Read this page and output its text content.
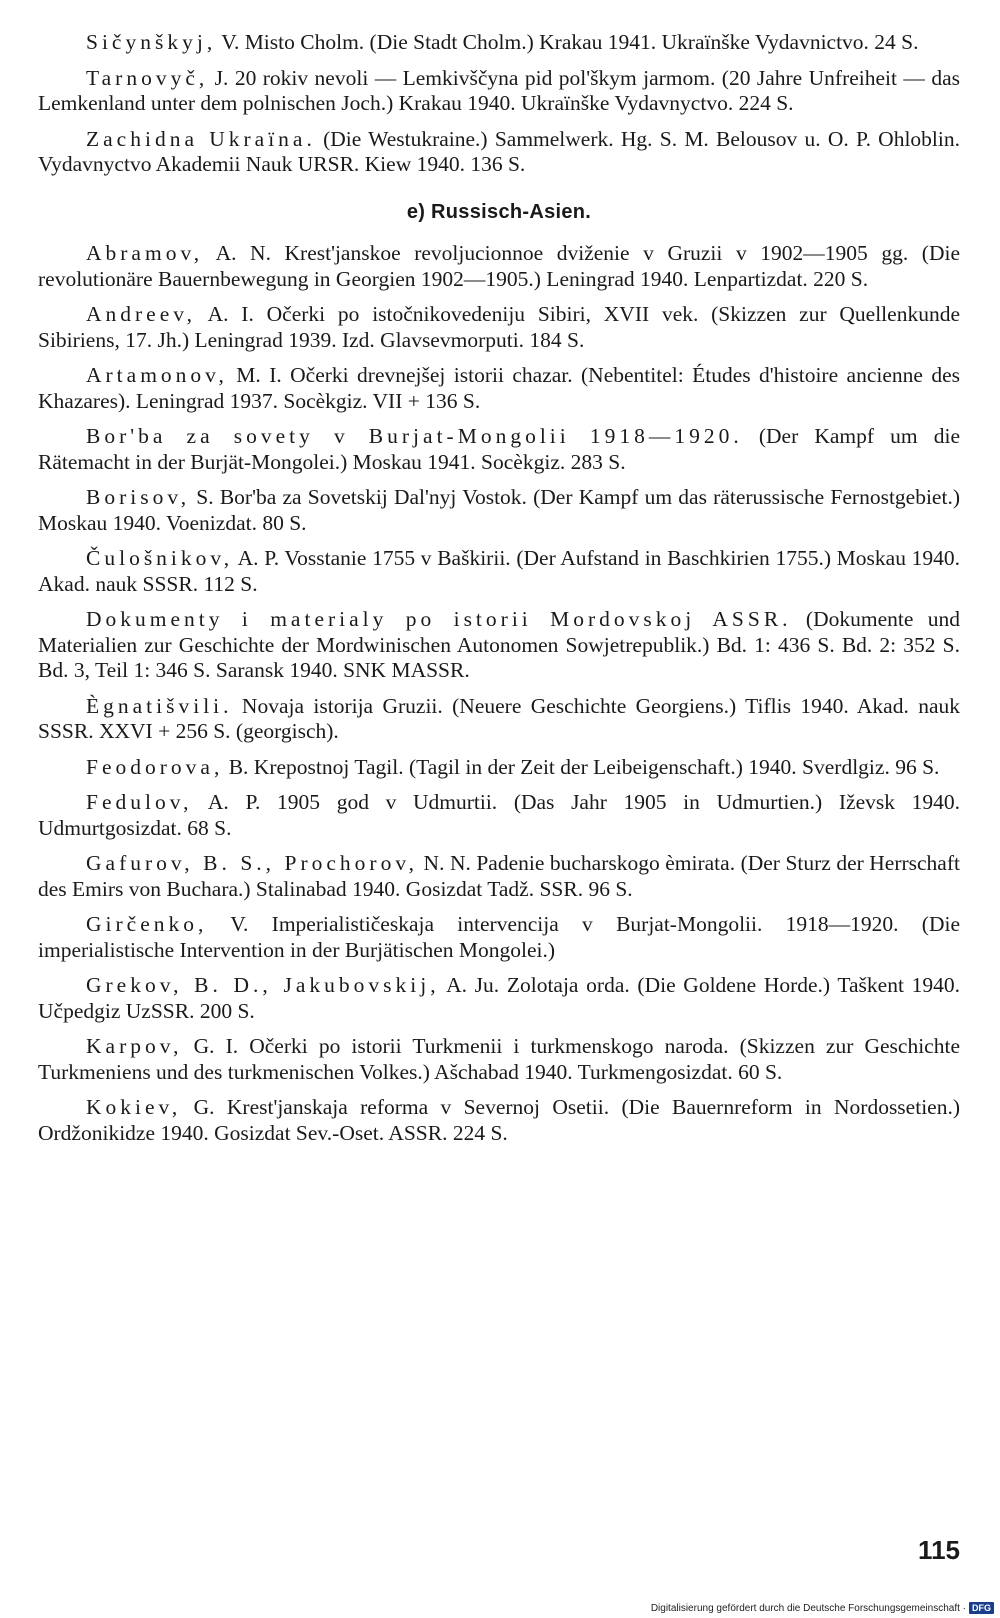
Sičynškyj, V. Misto Cholm. (Die Stadt Cholm.) Krakau 1941. Ukraїnške Vydavnictvo. 24 S.

Tarnovyč, J. 20 rokiv nevoli — Lemkivščyna pid pol'škym jarmom. (20 Jahre Unfreiheit — das Lemkenland unter dem polnischen Joch.) Krakau 1940. Ukraїnške Vydavnyctvo. 224 S.

Zachidna Ukraїna. (Die Westukraine.) Sammelwerk. Hg. S. M. Belousov u. O. P. Ohloblin. Vydavnyctvo Akademii Nauk URSR. Kiew 1940. 136 S.

e) Russisch-Asien.

Abramov, A. N. Krest'janskoe revoljucionnoe dviženie v Gruzii v 1902—1905 gg. (Die revolutionäre Bauernbewegung in Georgien 1902—1905.) Leningrad 1940. Lenpartizdat. 220 S.

Andreev, A. I. Očerki po istočnikovedeniju Sibiri, XVII vek. (Skizzen zur Quellenkunde Sibiriens, 17. Jh.) Leningrad 1939. Izd. Glavsevmorputi. 184 S.

Artamonov, M. I. Očerki drevnejšej istorii chazar. (Nebentitel: Études d'histoire ancienne des Khazares). Leningrad 1937. Socèkgiz. VII + 136 S.

Bor'ba za sovety v Burjat-Mongolii 1918—1920. (Der Kampf um die Rätemacht in der Burjät-Mongolei.) Moskau 1941. Socèkgiz. 283 S.

Borisov, S. Bor'ba za Sovetskij Dal'nyj Vostok. (Der Kampf um das räterussische Fernostgebiet.) Moskau 1940. Voenizdat. 80 S.

Čulošnikov, A. P. Vosstanie 1755 v Baškirii. (Der Aufstand in Baschkirien 1755.) Moskau 1940. Akad. nauk SSSR. 112 S.

Dokumenty i materialy po istorii Mordovskoj ASSR. (Dokumente und Materialien zur Geschichte der Mordwinischen Autonomen Sowjetrepublik.) Bd. 1: 436 S. Bd. 2: 352 S. Bd. 3, Teil 1: 346 S. Saransk 1940. SNK MASSR.

Ègnatišvili. Novaja istorija Gruzii. (Neuere Geschichte Georgiens.) Tiflis 1940. Akad. nauk SSSR. XXVI + 256 S. (georgisch).

Feodorova, B. Krepostnoj Tagil. (Tagil in der Zeit der Leibeigenschaft.) 1940. Sverdlgiz. 96 S.

Fedulov, A. P. 1905 god v Udmurtii. (Das Jahr 1905 in Udmurtien.) Iževsk 1940. Udmurtgosizdat. 68 S.

Gafurov, B. S., Prochorov, N. N. Padenie bucharskogo èmirata. (Der Sturz der Herrschaft des Emirs von Buchara.) Stalinabad 1940. Gosizdat Tadž. SSR. 96 S.

Girčenko, V. Imperialističeskaja intervencija v Burjat-Mongolii. 1918—1920. (Die imperialistische Intervention in der Burjätischen Mongolei.)

Grekov, B. D., Jakubovskij, A. Ju. Zolotaja orda. (Die Goldene Horde.) Taškent 1940. Učpedgiz UzSSR. 200 S.

Karpov, G. I. Očerki po istorii Turkmenii i turkmenskogo naroda. (Skizzen zur Geschichte Turkmeniens und des turkmenischen Volkes.) Ašchabad 1940. Turkmengosizdat. 60 S.

Kokiev, G. Krest'janskaja reforma v Severnoj Osetii. (Die Bauernreform in Nordossetien.) Ordžonikidze 1940. Gosizdat Sev.-Oset. ASSR. 224 S.

115
Digitalisierung gefördert durch die Deutsche Forschungsgemeinschaft · DFG
